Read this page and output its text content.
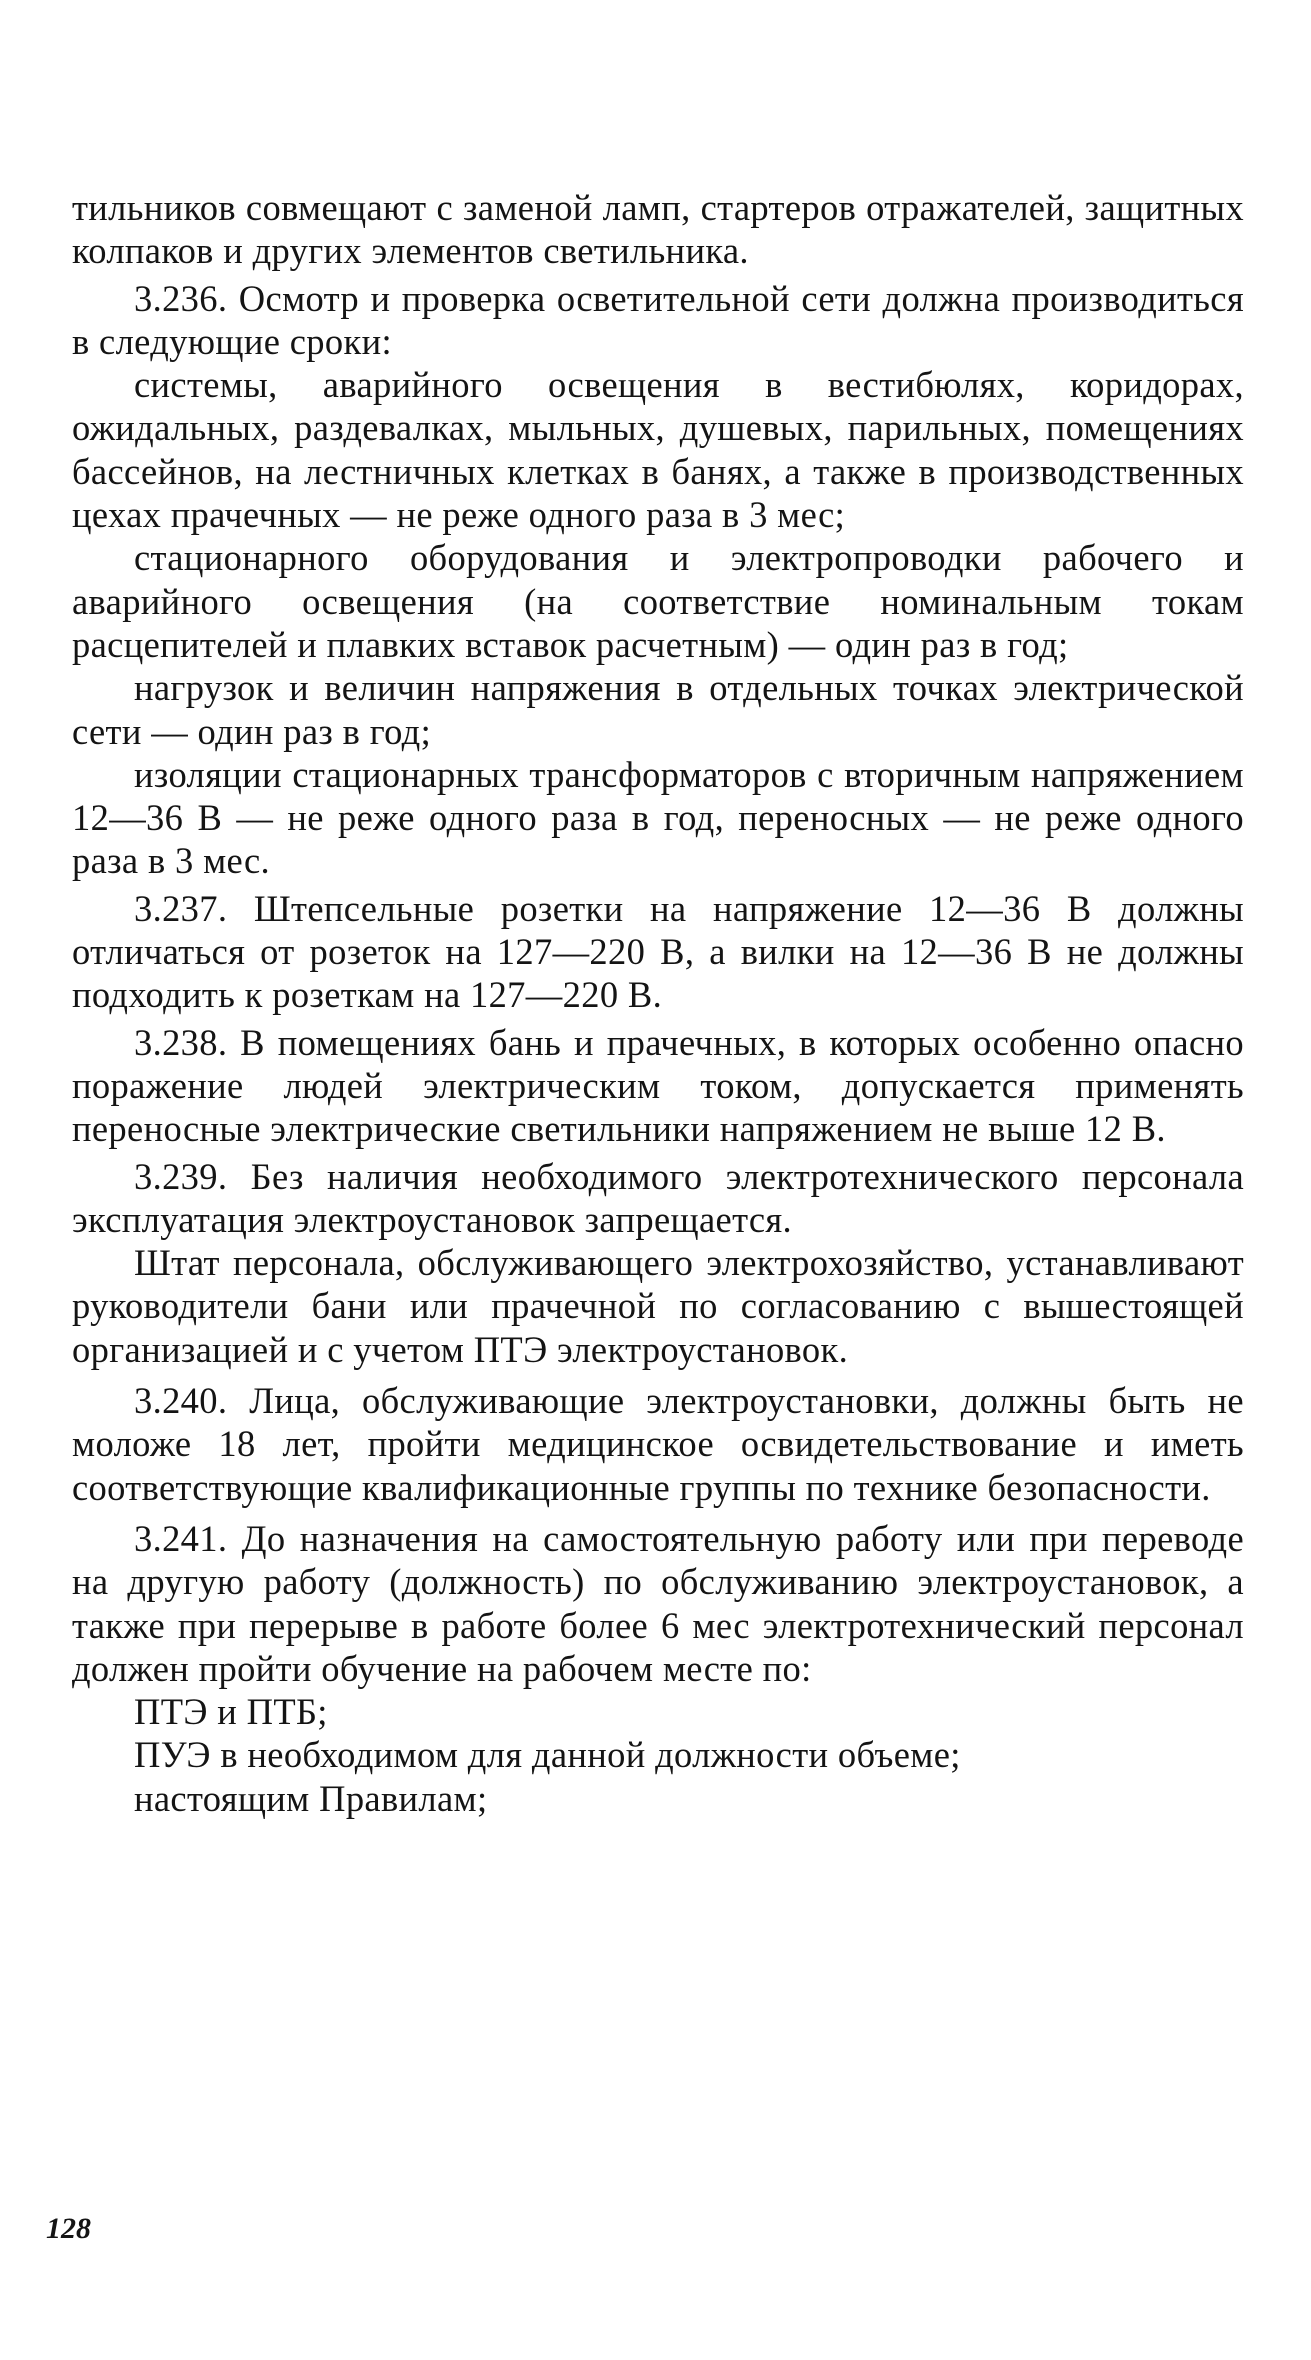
тильников совмещают с заменой ламп, стартеров отражателей, защитных колпаков и других элементов светильника.

3.236. Осмотр и проверка осветительной сети должна производиться в следующие сроки:

системы, аварийного освещения в вестибюлях, коридорах, ожидальных, раздевалках, мыльных, душевых, парильных, помещениях бассейнов, на лестничных клетках в банях, а также в производственных цехах прачечных — не реже одного раза в 3 мес;

стационарного оборудования и электропроводки рабочего и аварийного освещения (на соответствие номинальным токам расцепителей и плавких вставок расчетным) — один раз в год;

нагрузок и величин напряжения в отдельных точках электрической сети — один раз в год;

изоляции стационарных трансформаторов с вторичным напряжением 12—36 В — не реже одного раза в год, переносных — не реже одного раза в 3 мес.

3.237. Штепсельные розетки на напряжение 12—36 В должны отличаться от розеток на 127—220 В, а вилки на 12—36 В не должны подходить к розеткам на 127—220 В.

3.238. В помещениях бань и прачечных, в которых особенно опасно поражение людей электрическим током, допускается применять переносные электрические светильники напряжением не выше 12 В.

3.239. Без наличия необходимого электротехнического персонала эксплуатация электроустановок запрещается.

Штат персонала, обслуживающего электрохозяйство, устанавливают руководители бани или прачечной по согласованию с вышестоящей организацией и с учетом ПТЭ электроустановок.

3.240. Лица, обслуживающие электроустановки, должны быть не моложе 18 лет, пройти медицинское освидетельствование и иметь соответствующие квалификационные группы по технике безопасности.

3.241. До назначения на самостоятельную работу или при переводе на другую работу (должность) по обслуживанию электроустановок, а также при перерыве в работе более 6 мес электротехнический персонал должен пройти обучение на рабочем месте по:

ПТЭ и ПТБ;

ПУЭ в необходимом для данной должности объеме;

настоящим Правилам;

128
